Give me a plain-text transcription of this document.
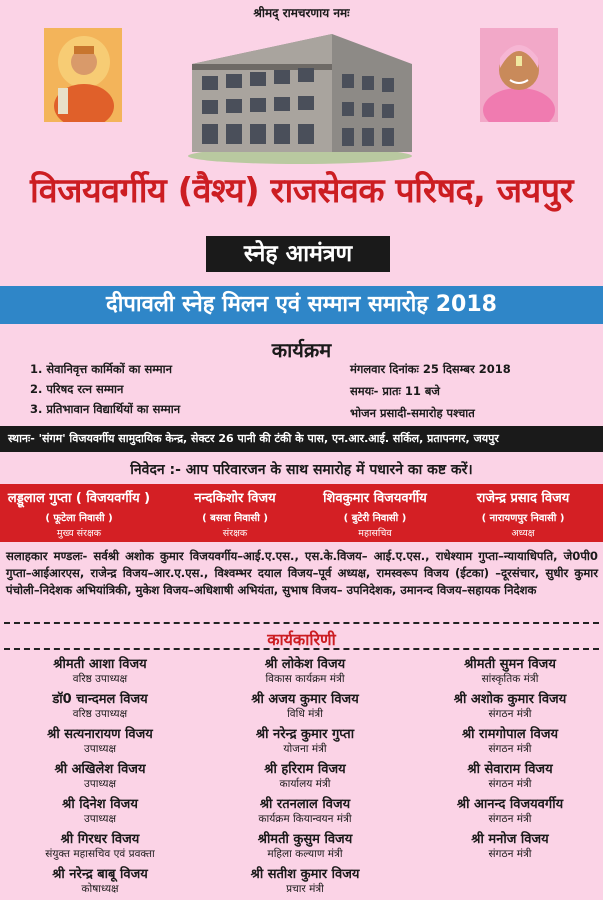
श्रीमद् रामचरणाय नमः
विजयवर्गीय (वैश्य) राजसेवक परिषद, जयपुर
स्नेह आमंत्रण
दीपावली स्नेह मिलन एवं सम्मान समारोह 2018
कार्यक्रम
1. सेवानिवृत्त कार्मिकों का सम्मान
2. परिषद रत्न सम्मान
3. प्रतिभावान विद्यार्थियों का सम्मान
मंगलवार दिनांकः 25 दिसम्बर 2018
समयः- प्रातः 11 बजे
भोजन प्रसादी-समारोह पश्चात
स्थानः- 'संगम' विजयवर्गीय सामुदायिक केन्द्र, सेक्टर 26 पानी की टंकी के पास, एन.आर.आई. सर्किल, प्रतापनगर, जयपुर
निवेदन :- आप परिवारजन के साथ समारोह में पधारने का कष्ट करें।
लड्डूलाल गुप्ता ( विजयवर्गीय )
( फूटेला निवासी )
मुख्य संरक्षक
नन्दकिशोर विजय
( बसवा निवासी )
संरक्षक
शिवकुमार विजयवर्गीय
( बुटेरी निवासी )
महासचिव
राजेन्द्र प्रसाद विजय
( नारायणपुर निवासी )
अध्यक्ष
सलाहकार मण्डलः- सर्वश्री अशोक कुमार विजयवर्गीय–आई.ए.एस., एस.के.विजय– आई.ए.एस., राधेश्याम गुप्ता–न्यायाधिपति, जे0पी0 गुप्ता–आईआरएस, राजेन्द्र विजय–आर.ए.एस., विश्वम्भर दयाल विजय–पूर्व अध्यक्ष, रामस्वरूप विजय (ईटका) –दूरसंचार, सुधीर कुमार पंचोली–निदेशक अभियांत्रिकी, मुकेश विजय–अधिशाषी अभियंता, सुभाष विजय– उपनिदेशक, उमानन्द विजय–सहायक निदेशक
कार्यकारिणी
श्रीमती आशा विजय
वरिष्ठ उपाध्यक्ष
श्री लोकेश विजय
विकास कार्यक्रम मंत्री
श्रीमती सुमन विजय
सांस्कृतिक मंत्री
डॉ0 चान्दमल विजय
वरिष्ठ उपाध्यक्ष
श्री अजय कुमार विजय
विधि मंत्री
श्री अशोक कुमार विजय
संगठन मंत्री
श्री सत्यनारायण विजय
उपाध्यक्ष
श्री नरेन्द्र कुमार गुप्ता
योजना मंत्री
श्री रामगोपाल विजय
संगठन मंत्री
श्री अखिलेश विजय
उपाध्यक्ष
श्री हरिराम विजय
कार्यालय मंत्री
श्री सेवाराम विजय
संगठन मंत्री
श्री दिनेश विजय
उपाध्यक्ष
श्री रतनलाल विजय
कार्यक्रम कियान्वयन मंत्री
श्री आनन्द विजयवर्गीय
संगठन मंत्री
श्री गिरधर विजय
संयुक्त महासचिव एवं प्रवक्ता
श्रीमती कुसुम विजय
महिला कल्याण मंत्री
श्री मनोज विजय
संगठन मंत्री
श्री नरेन्द्र बाबू विजय
कोषाध्यक्ष
श्री सतीश कुमार विजय
प्रचार मंत्री
